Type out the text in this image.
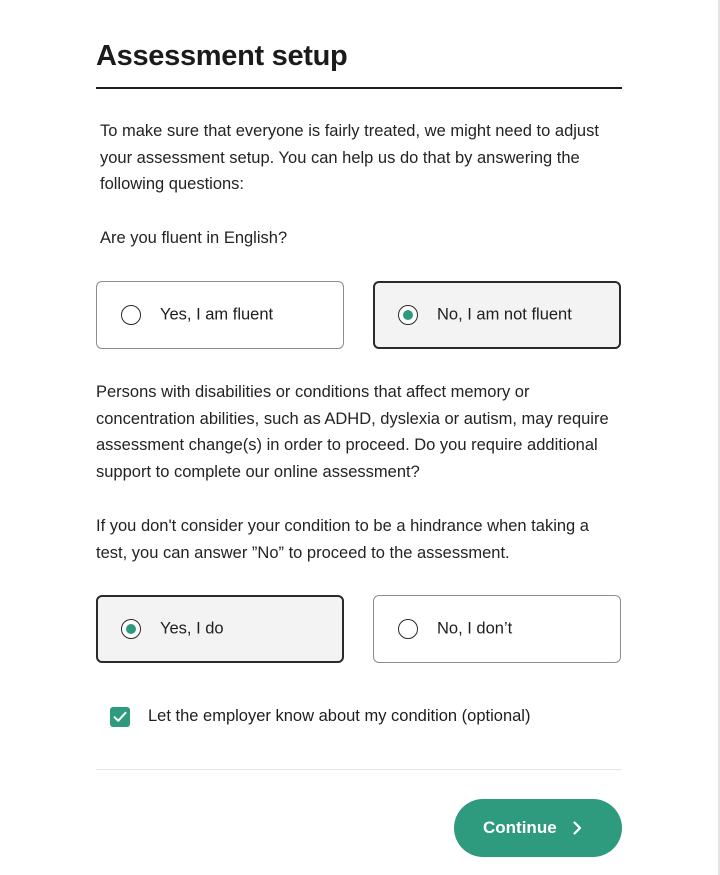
Assessment setup

To make sure that everyone is fairly treated, we might need to adjust your assessment setup. You can help us do that by answering the following questions:

Are you fluent in English?

Yes, I am fluent	No, I am not fluent

Persons with disabilities or conditions that affect memory or concentration abilities, such as ADHD, dyslexia or autism, may require assessment change(s) in order to proceed. Do you require additional support to complete our online assessment?

If you don't consider your condition to be a hindrance when taking a test, you can answer ”No” to proceed to the assessment.

Yes, I do	No, I don’t
Let the employer know about my condition (optional)
Continue
